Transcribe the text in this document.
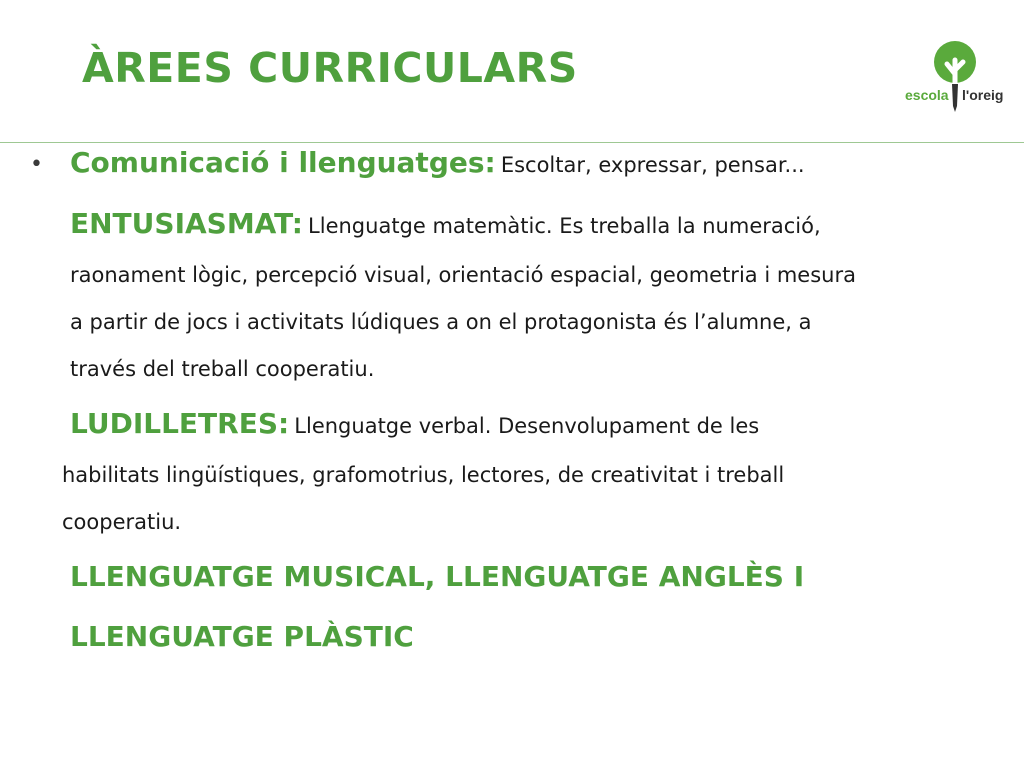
ÀREES CURRICULARS
escola l'oreig
• Comunicació i llenguatges: Escoltar, expressar, pensar...
ENTUSIASMAT: Llenguatge matemàtic. Es treballa la numeració,
raonament lògic, percepció visual, orientació espacial, geometria i mesura
a partir de jocs i activitats lúdiques a on el protagonista és l’alumne, a
través del treball cooperatiu.
LUDILLETRES: Llenguatge verbal. Desenvolupament de les
habilitats lingüístiques, grafomotrius, lectores, de creativitat i treball
cooperatiu.
LLENGUATGE MUSICAL, LLENGUATGE ANGLÈS I
LLENGUATGE PLÀSTIC
